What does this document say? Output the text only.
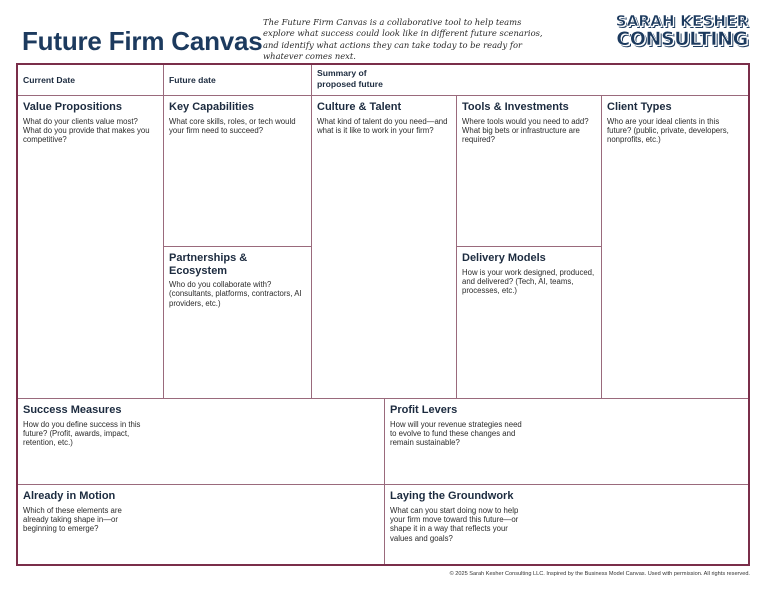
Future Firm Canvas
The Future Firm Canvas is a collaborative tool to help teams explore what success could look like in different future scenarios, and identify what actions they can take today to be ready for whatever comes next.
SARAH KESHER
CONSULTING
Current Date	Future date
Summary of proposed future
Value Propositions

What do your clients value most? What do you provide that makes you competitive?

Key Capabilities

What core skills, roles, or tech would your firm need to succeed?

Partnerships & Ecosystem

Who do you collaborate with? (consultants, platforms, contractors, AI providers, etc.)

Culture & Talent

What kind of talent do you need—and what is it like to work in your firm?

Tools & Investments

Where tools would you need to add? What big bets or infrastructure are required?

Delivery Models

How is your work designed, produced, and delivered? (Tech, AI, teams, processes, etc.)

Client Types

Who are your ideal clients in this future? (public, private, developers, nonprofits, etc.)

Success Measures

How do you define success in this future? (Profit, awards, impact, retention, etc.)

Profit Levers

How will your revenue strategies need to evolve to fund these changes and remain sustainable?

Already in Motion

Which of these elements are already taking shape in—or beginning to emerge?

Laying the Groundwork

What can you start doing now to help your firm move toward this future—or shape it in a way that reflects your values and goals?

© 2025 Sarah Kesher Consulting LLC. Inspired by the Business Model Canvas. Used with permission. All rights reserved.
